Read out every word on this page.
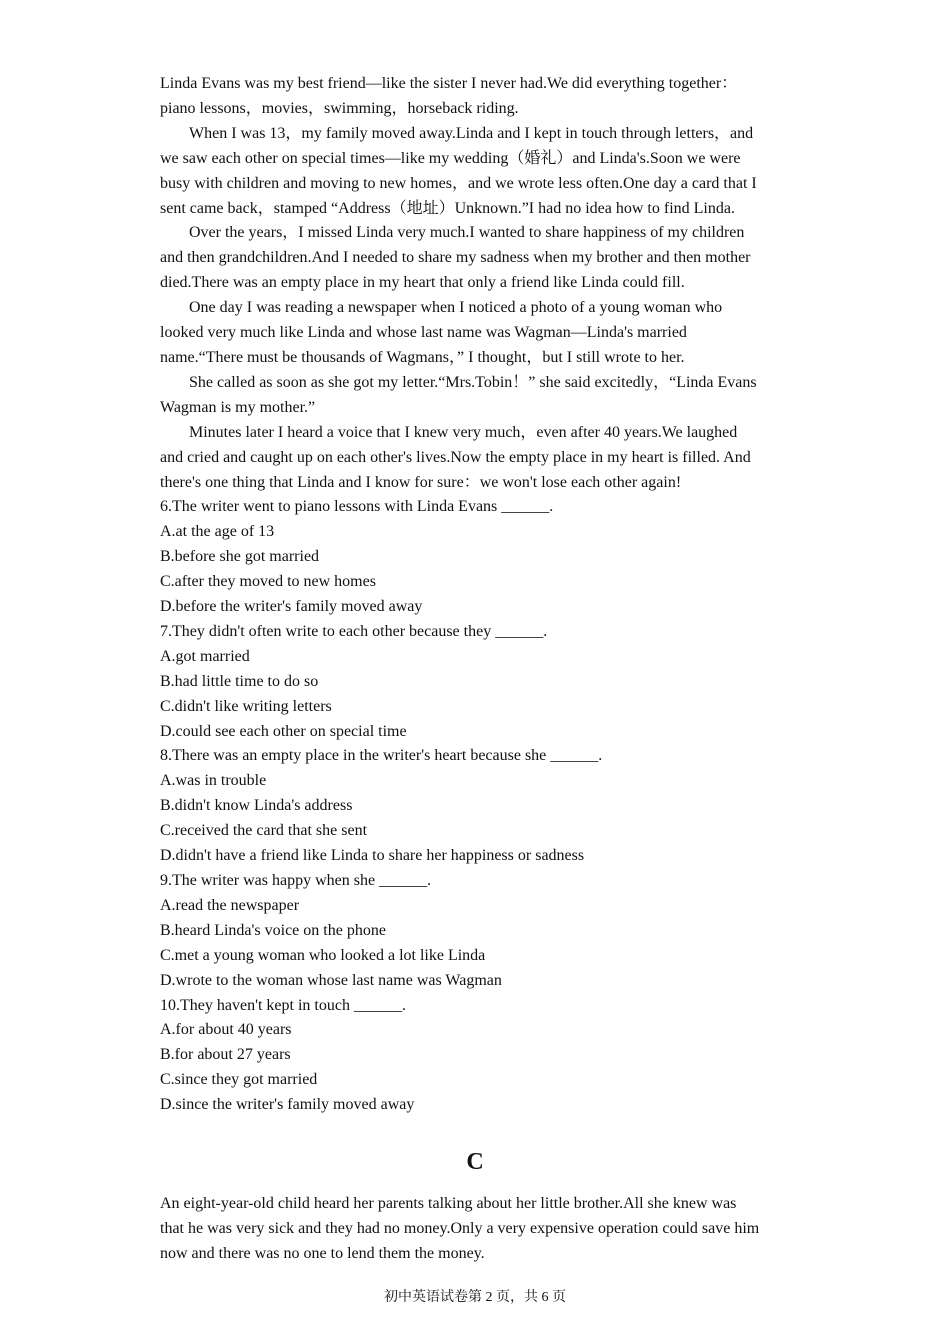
Linda Evans was my best friend—like the sister I never had.We did everything together：
piano lessons，movies，swimming，horseback riding.
When I was 13，my family moved away.Linda and I kept in touch through letters，and
we saw each other on special times—like my wedding（婚礼）and Linda's.Soon we were
busy with children and moving to new homes，and we wrote less often.One day a card that I
sent came back，stamped “Address（地址）Unknown.”I had no idea how to find Linda.
Over the years，I missed Linda very much.I wanted to share happiness of my children
and then grandchildren.And I needed to share my sadness when my brother and then mother
died.There was an empty place in my heart that only a friend like Linda could fill.
One day I was reading a newspaper when I noticed a photo of a young woman who
looked very much like Linda and whose last name was Wagman—Linda's married
name.“There must be thousands of Wagmans，” I thought，but I still wrote to her.
She called as soon as she got my letter.“Mrs.Tobin！” she said excitedly，“Linda Evans
Wagman is my mother.”
Minutes later I heard a voice that I knew very much，even after 40 years.We laughed
and cried and caught up on each other's lives.Now the empty place in my heart is filled. And
there's one thing that Linda and I know for sure：we won't lose each other again!
6.The writer went to piano lessons with Linda Evans ______.
A.at the age of 13
B.before she got married
C.after they moved to new homes
D.before the writer's family moved away
7.They didn't often write to each other because they ______.
A.got married
B.had little time to do so
C.didn't like writing letters
D.could see each other on special time
8.There was an empty place in the writer's heart because she ______.
A.was in trouble
B.didn't know Linda's address
C.received the card that she sent
D.didn't have a friend like Linda to share her happiness or sadness
9.The writer was happy when she ______.
A.read the newspaper
B.heard Linda's voice on the phone
C.met a young woman who looked a lot like Linda
D.wrote to the woman whose last name was Wagman
10.They haven't kept in touch ______.
A.for about 40 years
B.for about 27 years
C.since they got married
D.since the writer's family moved away
C
An eight-year-old child heard her parents talking about her little brother.All she knew was
that he was very sick and they had no money.Only a very expensive operation could save him
now and there was no one to lend them the money.
初中英语试卷第 2 页，共 6 页
